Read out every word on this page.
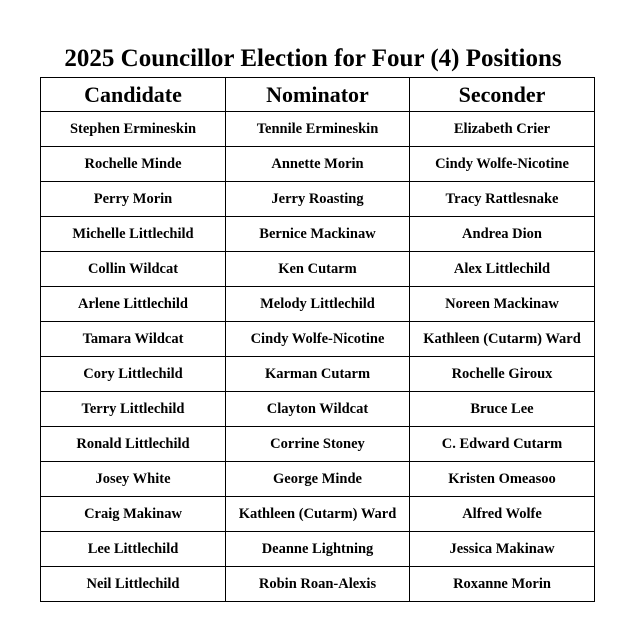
2025 Councillor Election for Four (4) Positions
Candidate	Nominator	Seconder
Stephen Ermineskin	Tennile Ermineskin	Elizabeth Crier
Rochelle Minde	Annette Morin	Cindy Wolfe-Nicotine
Perry Morin	Jerry Roasting	Tracy Rattlesnake
Michelle Littlechild	Bernice Mackinaw	Andrea Dion
Collin Wildcat	Ken Cutarm	Alex Littlechild
Arlene Littlechild	Melody Littlechild	Noreen Mackinaw
Tamara Wildcat	Cindy Wolfe-Nicotine	Kathleen (Cutarm) Ward
Cory Littlechild	Karman Cutarm	Rochelle Giroux
Terry Littlechild	Clayton Wildcat	Bruce Lee
Ronald Littlechild	Corrine Stoney	C. Edward Cutarm
Josey White	George Minde	Kristen Omeasoo
Craig Makinaw	Kathleen (Cutarm) Ward	Alfred Wolfe
Lee Littlechild	Deanne Lightning	Jessica Makinaw
Neil Littlechild	Robin Roan-Alexis	Roxanne Morin
